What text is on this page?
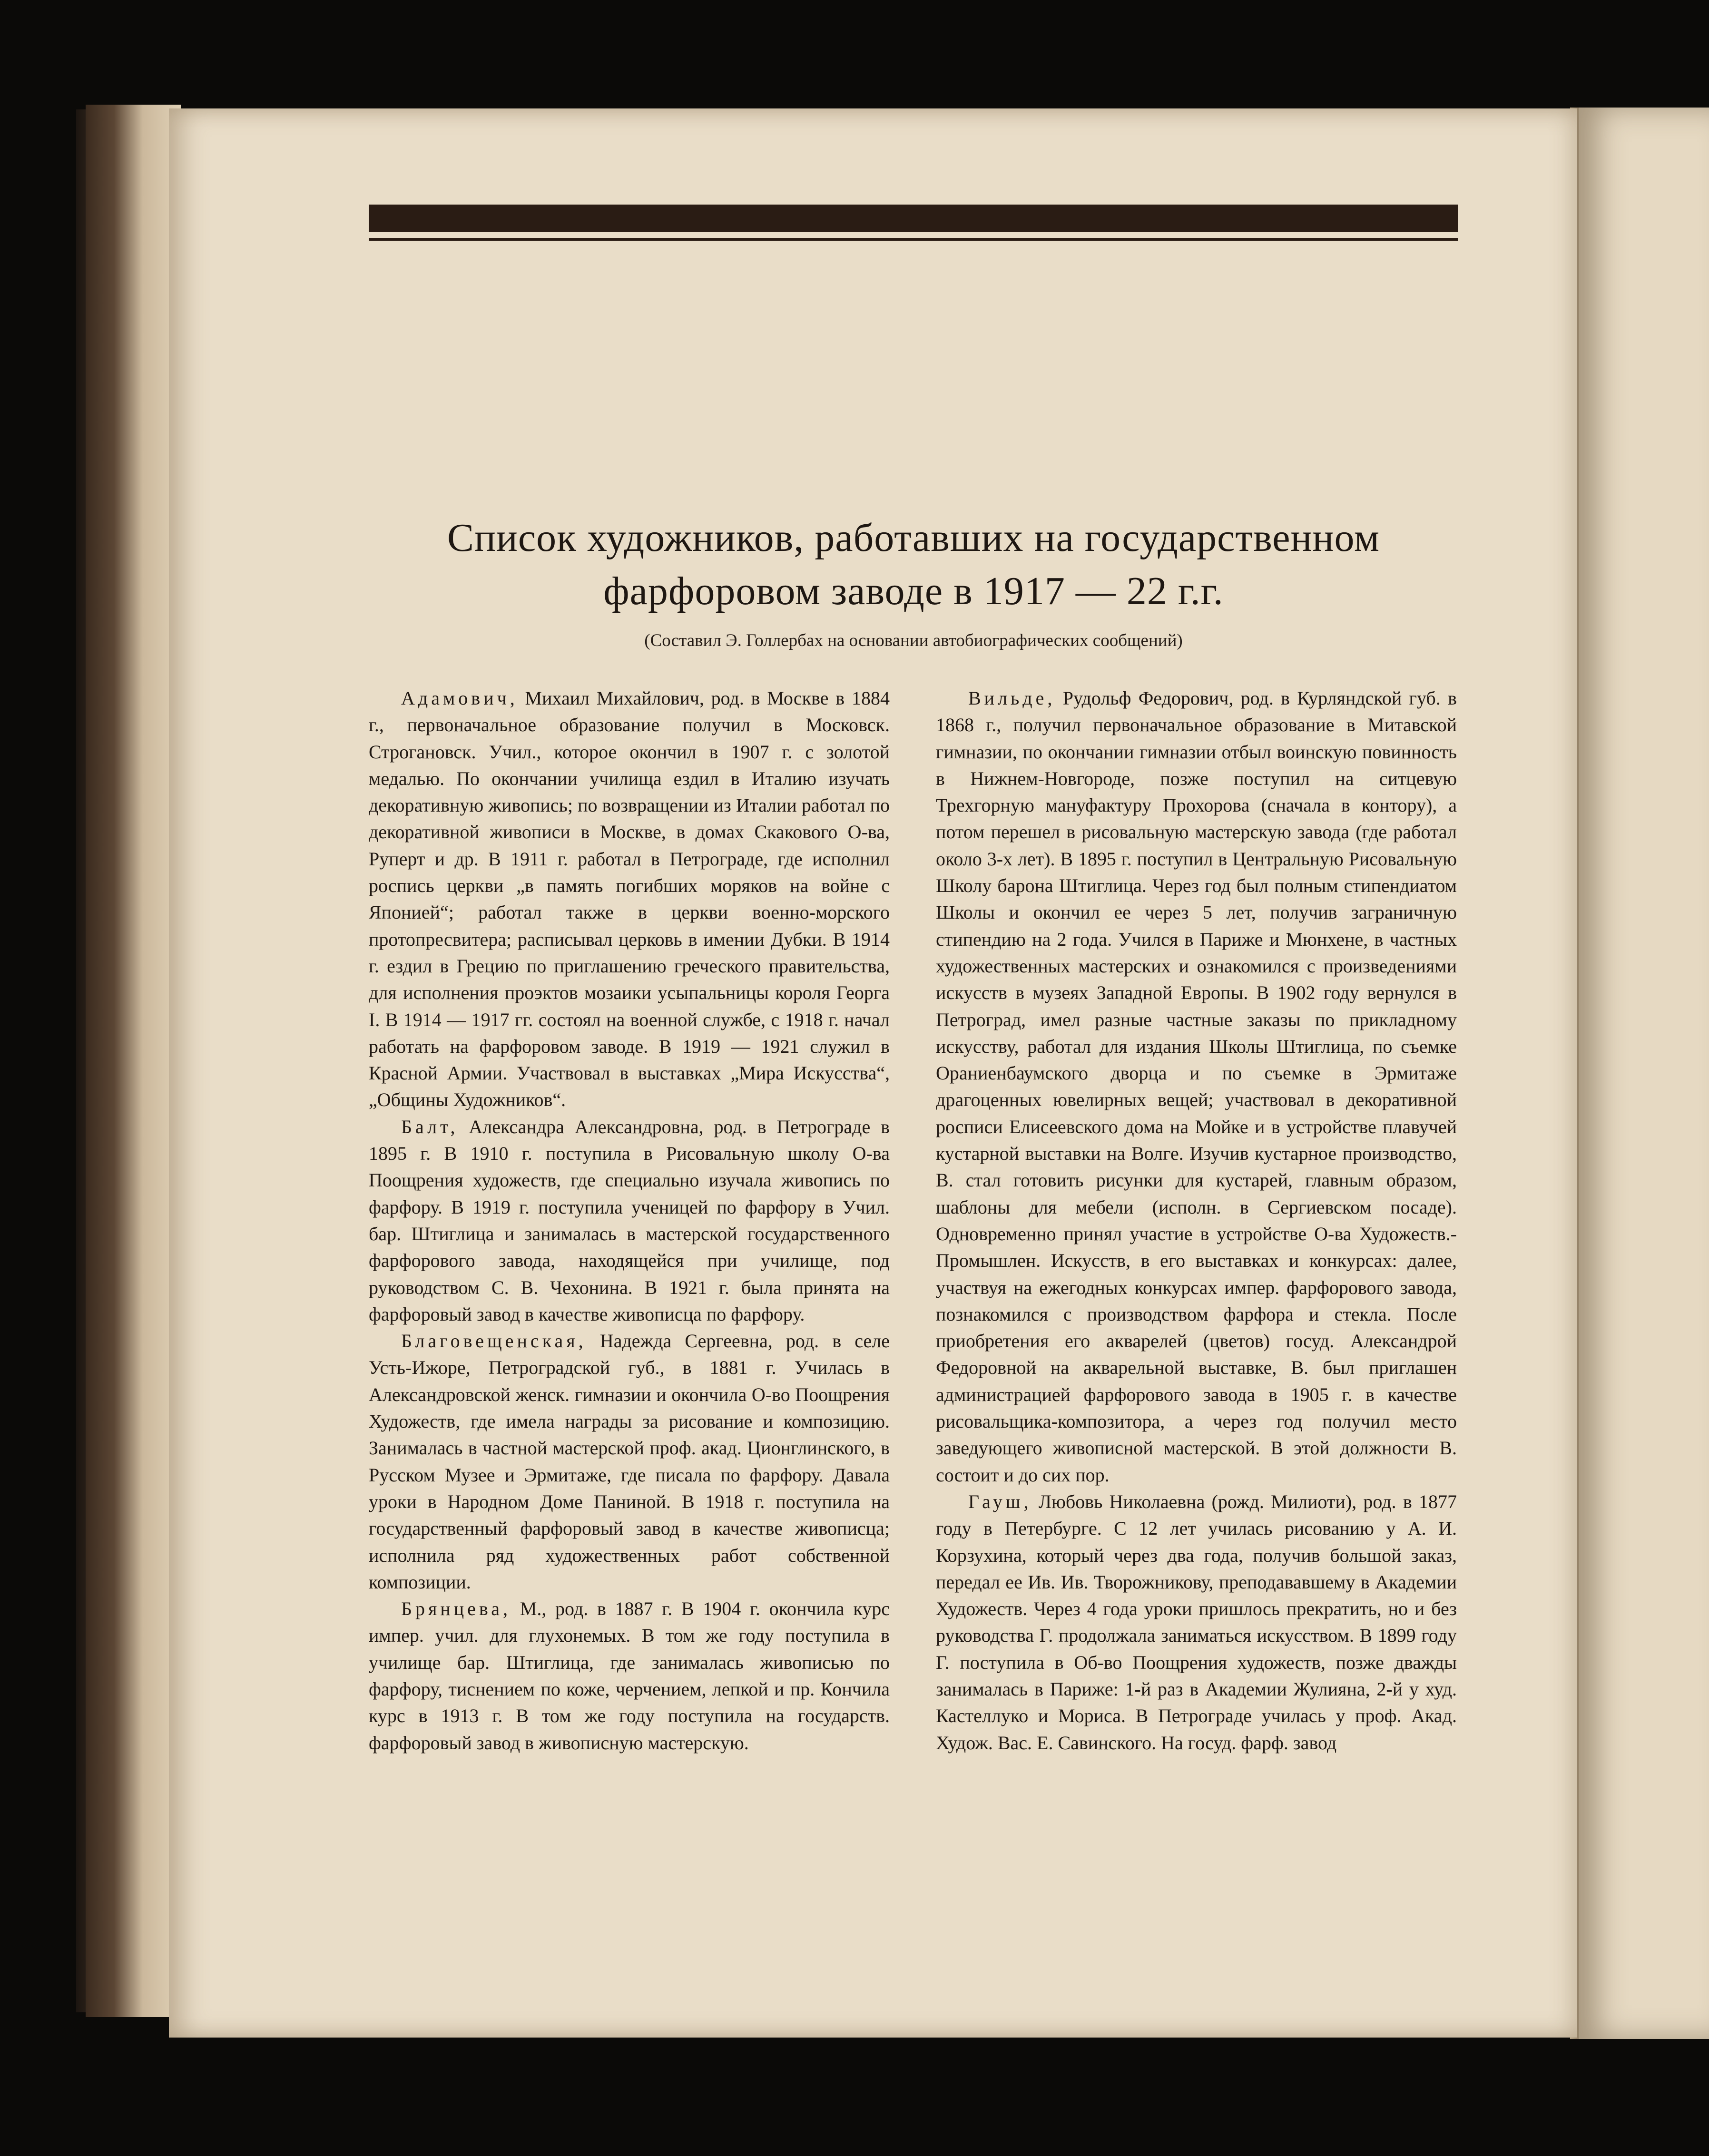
Список художников, работавших на государственном
фарфоровом заводе в 1917 — 22 г.г.
(Составил Э. Голлербах на основании автобиографических сообщений)

Адамович, Михаил Михайлович, род. в Москве в 1884 г., первоначальное образование получил в Московск. Строгановск. Учил., которое окончил в 1907 г. с золотой медалью. По окончании училища ездил в Италию изучать декоративную живопись; по возвращении из Италии работал по декоративной живописи в Москве, в домах Скакового О-ва, Руперт и др. В 1911 г. работал в Петрограде, где исполнил роспись церкви „в память погибших моряков на войне с Японией“; работал также в церкви военно-морского протопресвитера; расписывал церковь в имении Дубки. В 1914 г. ездил в Грецию по приглашению греческого правительства, для исполнения проэктов мозаики усыпальницы короля Георга I. В 1914 — 1917 гг. состоял на военной службе, с 1918 г. начал работать на фарфоровом заводе. В 1919 — 1921 служил в Красной Армии. Участвовал в выставках „Мира Искусства“, „Общины Художников“.

Балт, Александра Александровна, род. в Петрограде в 1895 г. В 1910 г. поступила в Рисовальную школу О-ва Поощрения художеств, где специально изучала живопись по фарфору. В 1919 г. поступила ученицей по фарфору в Учил. бар. Штиглица и занималась в мастерской государственного фарфорового завода, находящейся при училище, под руководством С. В. Чехонина. В 1921 г. была принята на фарфоровый завод в качестве живописца по фарфору.

Благовещенская, Надежда Сергеевна, род. в селе Усть-Ижоре, Петроградской губ., в 1881 г. Училась в Александровской женск. гимназии и окончила О-во Поощрения Художеств, где имела награды за рисование и композицию. Занималась в частной мастерской проф. акад. Ционглинского, в Русском Музее и Эрмитаже, где писала по фарфору. Давала уроки в Народном Доме Паниной. В 1918 г. поступила на государственный фарфоровый завод в качестве живописца; исполнила ряд художественных работ собственной композиции.

Брянцева, М., род. в 1887 г. В 1904 г. окончила курс импер. учил. для глухонемых. В том же году поступила в училище бар. Штиглица, где занималась живописью по фарфору, тиснением по коже, черчением, лепкой и пр. Кончила курс в 1913 г. В том же году поступила на государств. фарфоровый завод в живописную мастерскую.

Вильде, Рудольф Федорович, род. в Курляндской губ. в 1868 г., получил первоначальное образование в Митавской гимназии, по окончании гимназии отбыл воинскую повинность в Нижнем-Новгороде, позже поступил на ситцевую Трехгорную мануфактуру Прохорова (сначала в контору), а потом перешел в рисовальную мастерскую завода (где работал около 3-х лет). В 1895 г. поступил в Центральную Рисовальную Школу барона Штиглица. Через год был полным стипендиатом Школы и окончил ее через 5 лет, получив заграничную стипендию на 2 года. Учился в Париже и Мюнхене, в частных художественных мастерских и ознакомился с произведениями искусств в музеях Западной Европы. В 1902 году вернулся в Петроград, имел разные частные заказы по прикладному искусству, работал для издания Школы Штиглица, по съемке Ораниенбаумского дворца и по съемке в Эрмитаже драгоценных ювелирных вещей; участвовал в декоративной росписи Елисеевского дома на Мойке и в устройстве плавучей кустарной выставки на Волге. Изучив кустарное производство, В. стал готовить рисунки для кустарей, главным образом, шаблоны для мебели (исполн. в Сергиевском посаде). Одновременно принял участие в устройстве О-ва Художеств.-Промышлен. Искусств, в его выставках и конкурсах: далее, участвуя на ежегодных конкурсах импер. фарфорового завода, познакомился с производством фарфора и стекла. После приобретения его акварелей (цветов) госуд. Александрой Федоровной на акварельной выставке, В. был приглашен администрацией фарфорового завода в 1905 г. в качестве рисовальщика-композитора, а через год получил место заведующего живописной мастерской. В этой должности В. состоит и до сих пор.

Гауш, Любовь Николаевна (рожд. Милиоти), род. в 1877 году в Петербурге. С 12 лет училась рисованию у А. И. Корзухина, который через два года, получив большой заказ, передал ее Ив. Ив. Творожникову, преподававшему в Академии Художеств. Через 4 года уроки пришлось прекратить, но и без руководства Г. продолжала заниматься искусством. В 1899 году Г. поступила в Об-во Поощрения художеств, позже дважды занималась в Париже: 1-й раз в Академии Жулияна, 2-й у худ. Кастеллуко и Мориса. В Петрограде училась у проф. Акад. Худож. Вас. Е. Савинского. На госуд. фарф. завод
